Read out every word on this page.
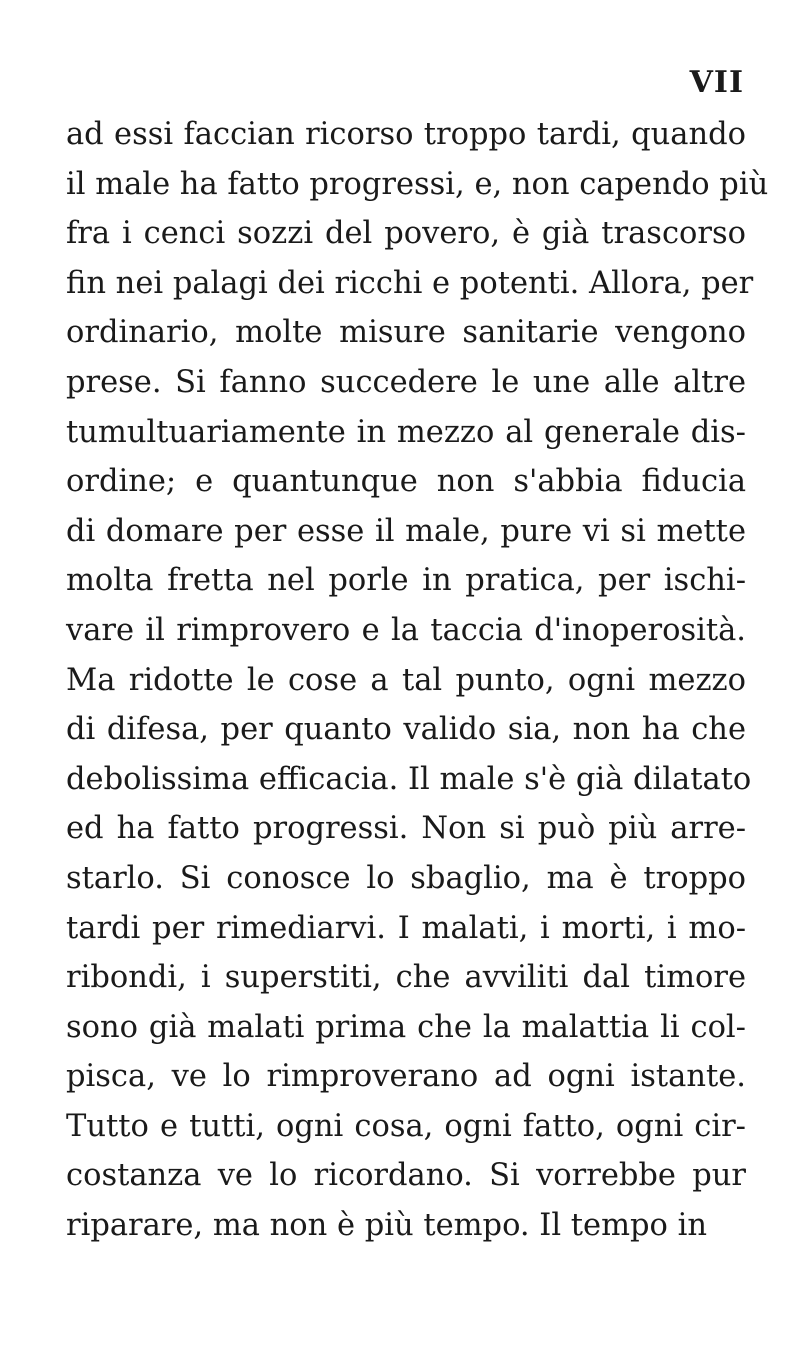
VII
ad essi faccian ricorso troppo tardi, quando
il male ha fatto progressi, e, non capendo più
fra i cenci sozzi del povero, è già trascorso
fin nei palagi dei ricchi e potenti. Allora, per
ordinario, molte misure sanitarie vengono
prese. Si fanno succedere le une alle altre
tumultuariamente in mezzo al generale dis-
ordine; e quantunque non s'abbia fiducia
di domare per esse il male, pure vi si mette
molta fretta nel porle in pratica, per ischi-
vare il rimprovero e la taccia d'inoperosità.
Ma ridotte le cose a tal punto, ogni mezzo
di difesa, per quanto valido sia, non ha che
debolissima efficacia. Il male s'è già dilatato
ed ha fatto progressi. Non si può più arre-
starlo. Si conosce lo sbaglio, ma è troppo
tardi per rimediarvi. I malati, i morti, i mo-
ribondi, i superstiti, che avviliti dal timore
sono già malati prima che la malattia li col-
pisca, ve lo rimproverano ad ogni istante.
Tutto e tutti, ogni cosa, ogni fatto, ogni cir-
costanza ve lo ricordano. Si vorrebbe pur
riparare, ma non è più tempo. Il tempo in
